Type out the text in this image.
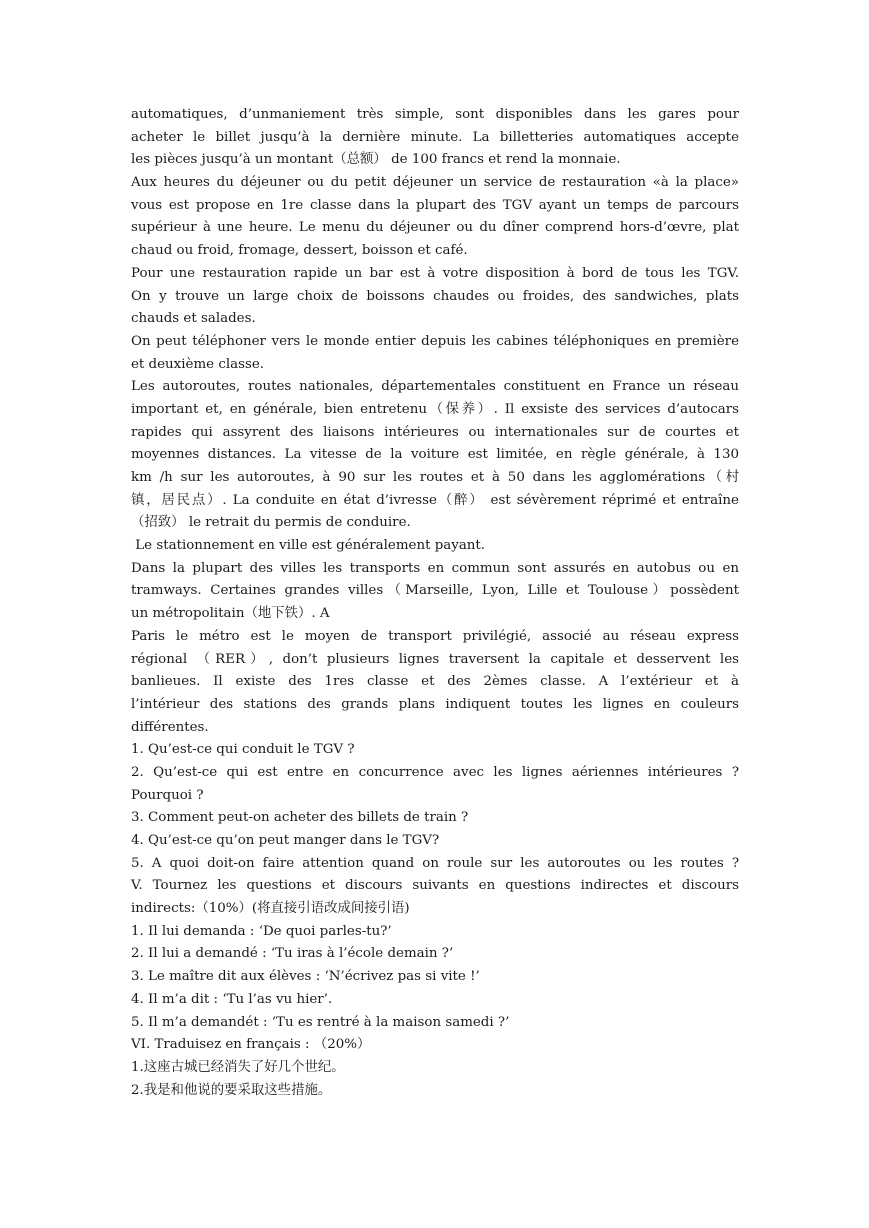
automatiques, d’unmaniement très simple, sont disponibles dans les gares pour
acheter le billet jusqu’à la dernière minute. La billetteries automatiques accepte
les pièces jusqu’à un montant（总额） de 100 francs et rend la monnaie.
Aux heures du déjeuner ou du petit déjeuner un service de restauration «à la place»
vous est propose en 1re classe dans la plupart des TGV ayant un temps de parcours
supérieur à une heure. Le menu du déjeuner ou du dîner comprend hors-d’œvre, plat
chaud ou froid, fromage, dessert, boisson et café.
Pour une restauration rapide un bar est à votre disposition à bord de tous les TGV.
On y trouve un large choix de boissons chaudes ou froides, des sandwiches, plats
chauds et salades.
On peut téléphoner vers le monde entier depuis les cabines téléphoniques en première
et deuxième classe.
Les autoroutes, routes nationales, départementales constituent en France un réseau
important et, en générale, bien entretenu（保养）. Il exsiste des services d’autocars
rapides qui assyrent des liaisons intérieures ou internationales sur de courtes et
moyennes distances. La vitesse de la voiture est limitée, en règle générale, à 130
km /h sur les autoroutes, à 90 sur les routes et à 50 dans les agglomérations（村
镇，居民点）. La conduite en état d’ivresse（醉） est sévèrement réprimé et entraîne
（招致） le retrait du permis de conduire.
Le stationnement en ville est généralement payant.
Dans la plupart des villes les transports en commun sont assurés en autobus ou en
tramways. Certaines grandes villes（Marseille, Lyon, Lille et Toulouse）possèdent
un métropolitain（地下铁）. A
Paris le métro est le moyen de transport privilégié, associé au réseau express
régional （RER）, don’t plusieurs lignes traversent la capitale et desservent les
banlieues. Il existe des 1res classe et des 2èmes classe. A l’extérieur et à
l’intérieur des stations des grands plans indiquent toutes les lignes en couleurs
différentes.
1. Qu’est-ce qui conduit le TGV ?
2. Qu’est-ce qui est entre en concurrence avec les lignes aériennes intérieures ?
Pourquoi ?
3. Comment peut-on acheter des billets de train ?
4. Qu’est-ce qu’on peut manger dans le TGV?
5. A quoi doit-on faire attention quand on roule sur les autoroutes ou les routes ?
V. Tournez les questions et discours suivants en questions indirectes et discours
indirects:（10%）(将直接引语改成间接引语)
1. Il lui demanda : ‘De quoi parles-tu?’
2. Il lui a demandé : ‘Tu iras à l’école demain ?’
3. Le maître dit aux élèves : ‘N’écrivez pas si vite !’
4. Il m’a dit : ‘Tu l’as vu hier’.
5. Il m’a demandét : ‘Tu es rentré à la maison samedi ?’
VI. Traduisez en français : （20%）
1.这座古城已经消失了好几个世纪。
2.我是和他说的要采取这些措施。
